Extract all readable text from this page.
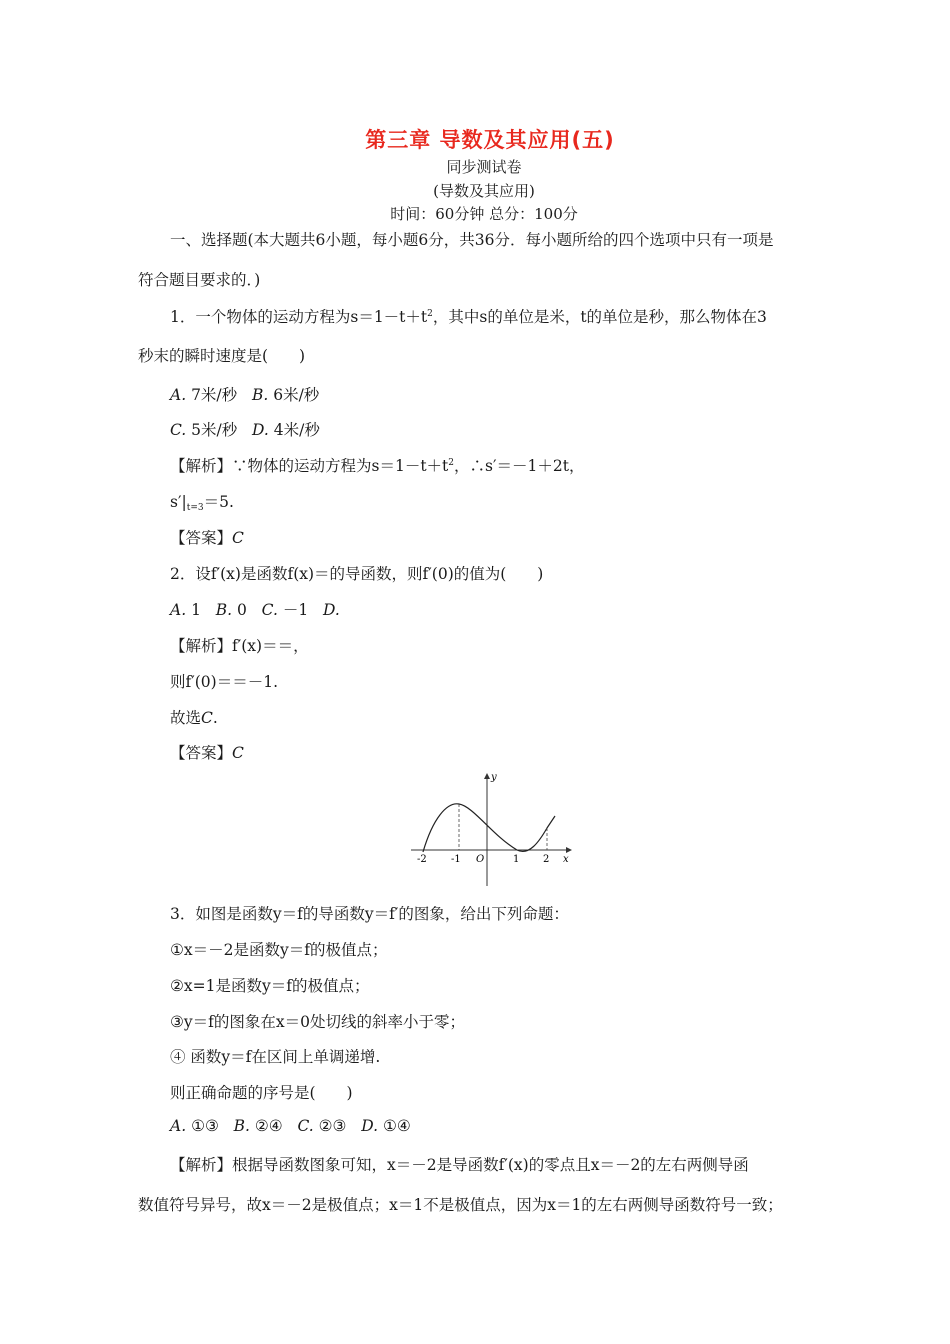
第三章 导数及其应用(五)
同步测试卷
(导数及其应用)
时间：60分钟 总分：100分
一、选择题(本大题共6小题，每小题6分，共36分．每小题所给的四个选项中只有一项是
符合题目要求的．)
1．一个物体的运动方程为$s=1-t+t^2$，其中s的单位是米，t的单位是秒，那么物体在3
秒末的瞬时速度是(　　)
A. 7米/秒 B. 6米/秒
C. 5米/秒 D. 4米/秒
【解析】∵物体的运动方程为$s=1-t+t^2$，∴s′＝－1＋2t，
$s'|_{t=3}=5$.
【答案】C
2．设f′(x)是函数f(x)＝的导函数，则f′(0)的值为(　　)
A. 1 B. 0 C. －1 D.
【解析】f′(x)＝＝，
则f′(0)＝＝－1.
故选C.
【答案】C
y
x
-2 -1 O	1 2
3．如图是函数y＝f的导函数y＝f′的图象，给出下列命题：
①x＝－2是函数y＝f的极值点；
②x=1是函数y＝f的极值点；
③y＝f的图象在x＝0处切线的斜率小于零；
④ 函数y＝f在区间上单调递增.
则正确命题的序号是(　　)
A. ①③ B. ②④ C. ②③ D. ①④
【解析】根据导函数图象可知，x＝－2是导函数f′(x)的零点且x＝－2的左右两侧导函
数值符号异号，故x＝－2是极值点；x＝1不是极值点，因为x＝1的左右两侧导函数符号一致；
